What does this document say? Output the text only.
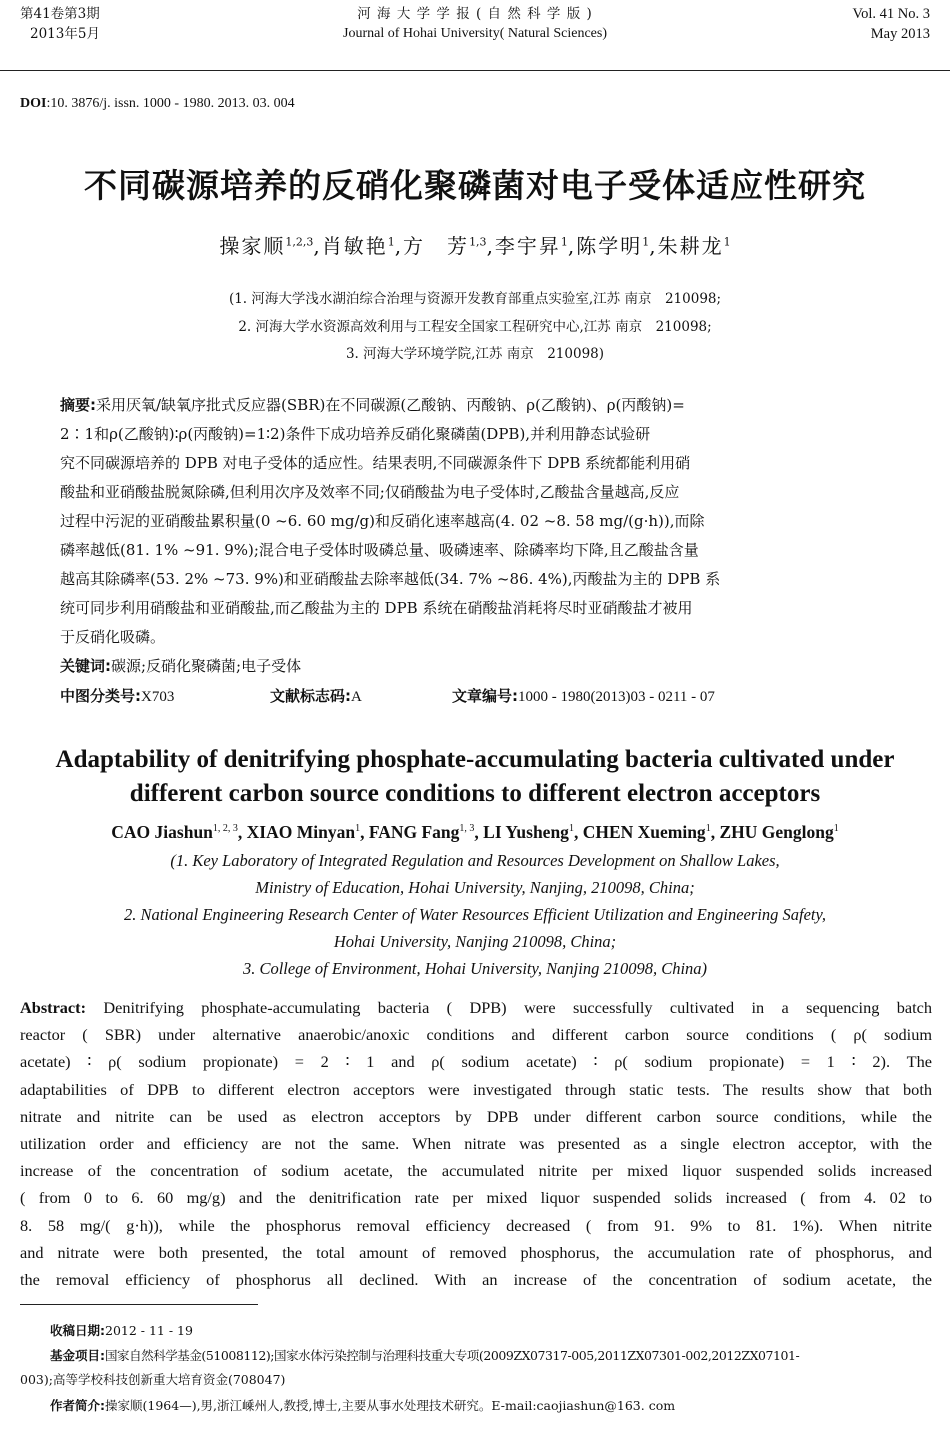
第41卷第3期
2013年5月
河 海 大 学 学 报 ( 自 然 科 学 版 )
Journal of Hohai University( Natural Sciences)
Vol. 41 No. 3
May 2013
DOI:10. 3876/j. issn. 1000 - 1980. 2013. 03. 004
不同碳源培养的反硝化聚磷菌对电子受体适应性研究
操家顺$^{1,2,3}$,肖敏艳$^1$,方　芳$^{1,3}$,李宇昇$^1$,陈学明$^1$,朱耕龙$^1$
(1. 河海大学浅水湖泊综合治理与资源开发教育部重点实验室,江苏 南京　210098;
2. 河海大学水资源高效利用与工程安全国家工程研究中心,江苏 南京　210098;
3. 河海大学环境学院,江苏 南京　210098)
摘要:采用厌氧/缺氧序批式反应器(SBR)在不同碳源(乙酸钠、丙酸钠、ρ(乙酸钠)、ρ(丙酸钠)=
2∶1和ρ(乙酸钠)∶ρ(丙酸钠)=1∶2)条件下成功培养反硝化聚磷菌(DPB),并利用静态试验研
究不同碳源培养的 DPB 对电子受体的适应性。结果表明,不同碳源条件下 DPB 系统都能利用硝
酸盐和亚硝酸盐脱氮除磷,但利用次序及效率不同;仅硝酸盐为电子受体时,乙酸盐含量越高,反应
过程中污泥的亚硝酸盐累积量(0 ~6. 60 mg/g)和反硝化速率越高(4. 02 ~8. 58 mg/(g·h)),而除
磷率越低(81. 1% ~91. 9%);混合电子受体时吸磷总量、吸磷速率、除磷率均下降,且乙酸盐含量
越高其除磷率(53. 2% ~73. 9%)和亚硝酸盐去除率越低(34. 7% ~86. 4%),丙酸盐为主的 DPB 系
统可同步利用硝酸盐和亚硝酸盐,而乙酸盐为主的 DPB 系统在硝酸盐消耗将尽时亚硝酸盐才被用
于反硝化吸磷。
关键词:碳源;反硝化聚磷菌;电子受体
中图分类号:X703	文献标志码:A	文章编号:1000 - 1980(2013)03 - 0211 - 07
Adaptability of denitrifying phosphate-accumulating bacteria cultivated under
different carbon source conditions to different electron acceptors
CAO Jiashun$^{1, 2, 3}$, XIAO Minyan$^1$, FANG Fang$^{1, 3}$, LI Yusheng$^1$, CHEN Xueming$^1$, ZHU Genglong$^1$
(1. Key Laboratory of Integrated Regulation and Resources Development on Shallow Lakes,
Ministry of Education, Hohai University, Nanjing, 210098, China;
2. National Engineering Research Center of Water Resources Efficient Utilization and Engineering Safety,
Hohai University, Nanjing 210098, China;
3. College of Environment, Hohai University, Nanjing 210098, China)
Abstract: Denitrifying phosphate-accumulating bacteria ( DPB) were successfully cultivated in a sequencing batch
reactor ( SBR) under alternative anaerobic/anoxic conditions and different carbon source conditions ( ρ( sodium
acetate) ∶ ρ( sodium propionate) = 2 ∶ 1 and ρ( sodium acetate) ∶ ρ( sodium propionate) = 1 ∶ 2). The
adaptabilities of DPB to different electron acceptors were investigated through static tests. The results show that both
nitrate and nitrite can be used as electron acceptors by DPB under different carbon source conditions, while the
utilization order and efficiency are not the same. When nitrate was presented as a single electron acceptor, with the
increase of the concentration of sodium acetate, the accumulated nitrite per mixed liquor suspended solids increased
( from 0 to 6. 60 mg/g) and the denitrification rate per mixed liquor suspended solids increased ( from 4. 02 to
8. 58 mg/( g·h)), while the phosphorus removal efficiency decreased ( from 91. 9% to 81. 1%). When nitrite
and nitrate were both presented, the total amount of removed phosphorus, the accumulation rate of phosphorus, and
the removal efficiency of phosphorus all declined. With an increase of the concentration of sodium acetate, the
收稿日期:2012 - 11 - 19
基金项目:国家自然科学基金(51008112);国家水体污染控制与治理科技重大专项(2009ZX07317-005,2011ZX07301-002,2012ZX07101-
003);高等学校科技创新重大培育资金(708047)
作者简介:操家顺(1964—),男,浙江嵊州人,教授,博士,主要从事水处理技术研究。E-mail:caojiashun@163. com
